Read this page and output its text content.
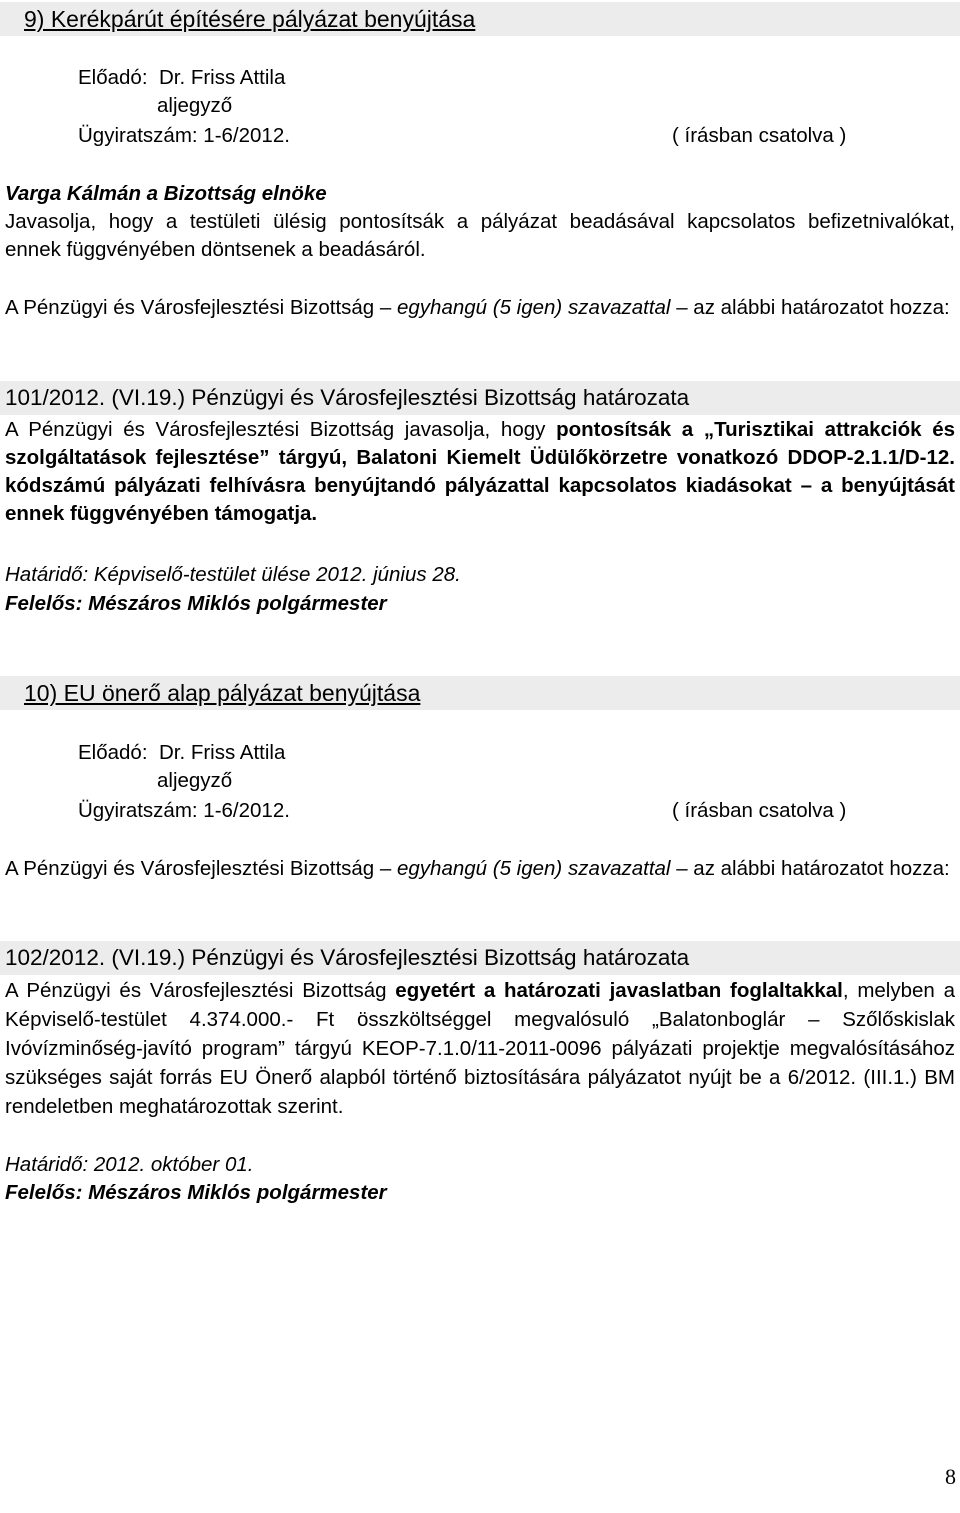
9) Kerékpárút építésére pályázat benyújtása
Előadó: Dr. Friss Attila
aljegyző
Ügyiratszám: 1-6/2012.	( írásban csatolva )
Varga Kálmán a Bizottság elnöke
Javasolja, hogy a testületi ülésig pontosítsák a pályázat beadásával kapcsolatos befizetnivalókat,
ennek függvényében döntsenek a beadásáról.
A Pénzügyi és Városfejlesztési Bizottság – egyhangú (5 igen) szavazattal – az alábbi határozatot hozza:
101/2012. (VI.19.) Pénzügyi és Városfejlesztési Bizottság határozata
A Pénzügyi és Városfejlesztési Bizottság javasolja, hogy pontosítsák a „Turisztikai attrakciók és szolgáltatások fejlesztése” tárgyú, Balatoni Kiemelt Üdülőkörzetre vonatkozó DDOP-2.1.1/D-12. kódszámú pályázati felhívásra benyújtandó pályázattal kapcsolatos kiadásokat – a benyújtását ennek függvényében támogatja.
Határidő: Képviselő-testület ülése 2012. június 28.
Felelős: Mészáros Miklós polgármester
10) EU önerő alap pályázat benyújtása
Előadó: Dr. Friss Attila
aljegyző
Ügyiratszám: 1-6/2012.	( írásban csatolva )
A Pénzügyi és Városfejlesztési Bizottság – egyhangú (5 igen) szavazattal – az alábbi határozatot hozza:
102/2012. (VI.19.) Pénzügyi és Városfejlesztési Bizottság határozata
A Pénzügyi és Városfejlesztési Bizottság egyetért a határozati javaslatban foglaltakkal, melyben a Képviselő-testület 4.374.000.- Ft összköltséggel megvalósuló „Balatonboglár – Szőlőskislak Ivóvízminőség-javító program” tárgyú KEOP-7.1.0/11-2011-0096 pályázati projektje megvalósításához szükséges saját forrás EU Önerő alapból történő biztosítására pályázatot nyújt be a 6/2012. (III.1.) BM rendeletben meghatározottak szerint.
Határidő: 2012. október 01.
Felelős: Mészáros Miklós polgármester
8
